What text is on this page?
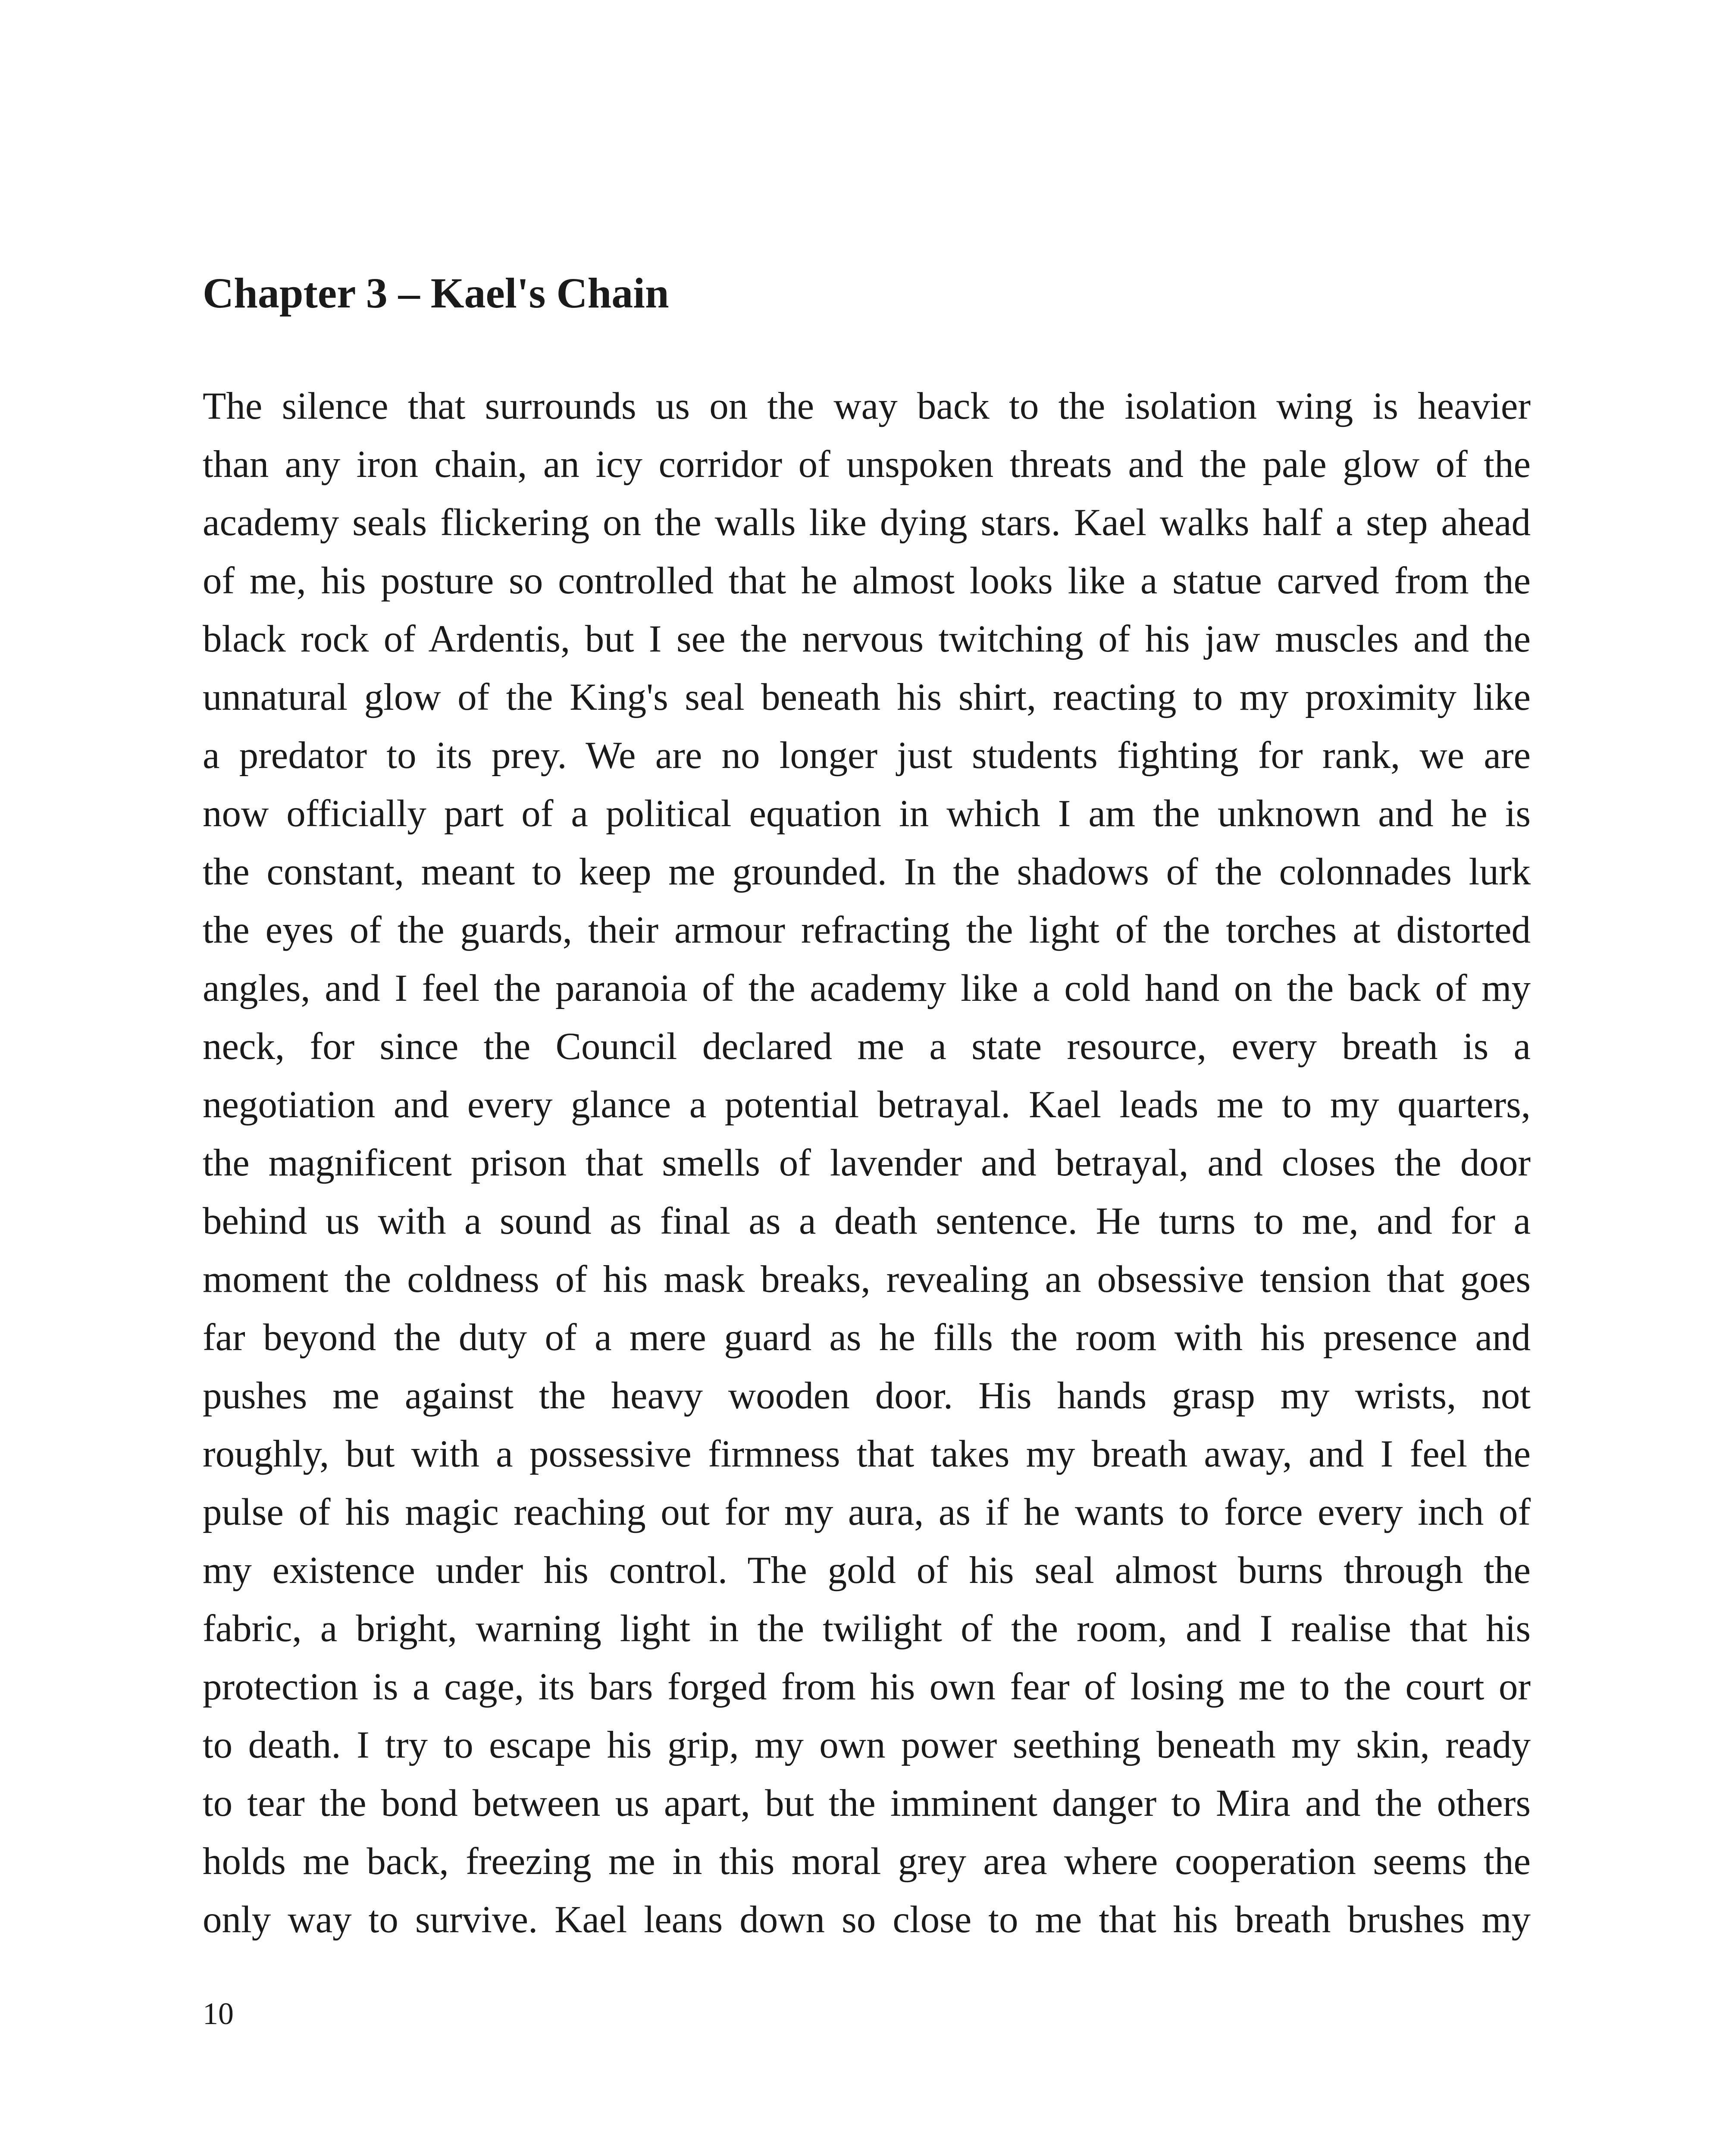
Chapter 3 – Kael's Chain
The silence that surrounds us on the way back to the isolation wing is heavier
than any iron chain, an icy corridor of unspoken threats and the pale glow of the
academy seals flickering on the walls like dying stars. Kael walks half a step ahead
of me, his posture so controlled that he almost looks like a statue carved from the
black rock of Ardentis, but I see the nervous twitching of his jaw muscles and the
unnatural glow of the King's seal beneath his shirt, reacting to my proximity like
a predator to its prey. We are no longer just students fighting for rank, we are
now officially part of a political equation in which I am the unknown and he is
the constant, meant to keep me grounded. In the shadows of the colonnades lurk
the eyes of the guards, their armour refracting the light of the torches at distorted
angles, and I feel the paranoia of the academy like a cold hand on the back of my
neck, for since the Council declared me a state resource, every breath is a
negotiation and every glance a potential betrayal. Kael leads me to my quarters,
the magnificent prison that smells of lavender and betrayal, and closes the door
behind us with a sound as final as a death sentence. He turns to me, and for a
moment the coldness of his mask breaks, revealing an obsessive tension that goes
far beyond the duty of a mere guard as he fills the room with his presence and
pushes me against the heavy wooden door. His hands grasp my wrists, not
roughly, but with a possessive firmness that takes my breath away, and I feel the
pulse of his magic reaching out for my aura, as if he wants to force every inch of
my existence under his control. The gold of his seal almost burns through the
fabric, a bright, warning light in the twilight of the room, and I realise that his
protection is a cage, its bars forged from his own fear of losing me to the court or
to death. I try to escape his grip, my own power seething beneath my skin, ready
to tear the bond between us apart, but the imminent danger to Mira and the others
holds me back, freezing me in this moral grey area where cooperation seems the
only way to survive. Kael leans down so close to me that his breath brushes my
10
